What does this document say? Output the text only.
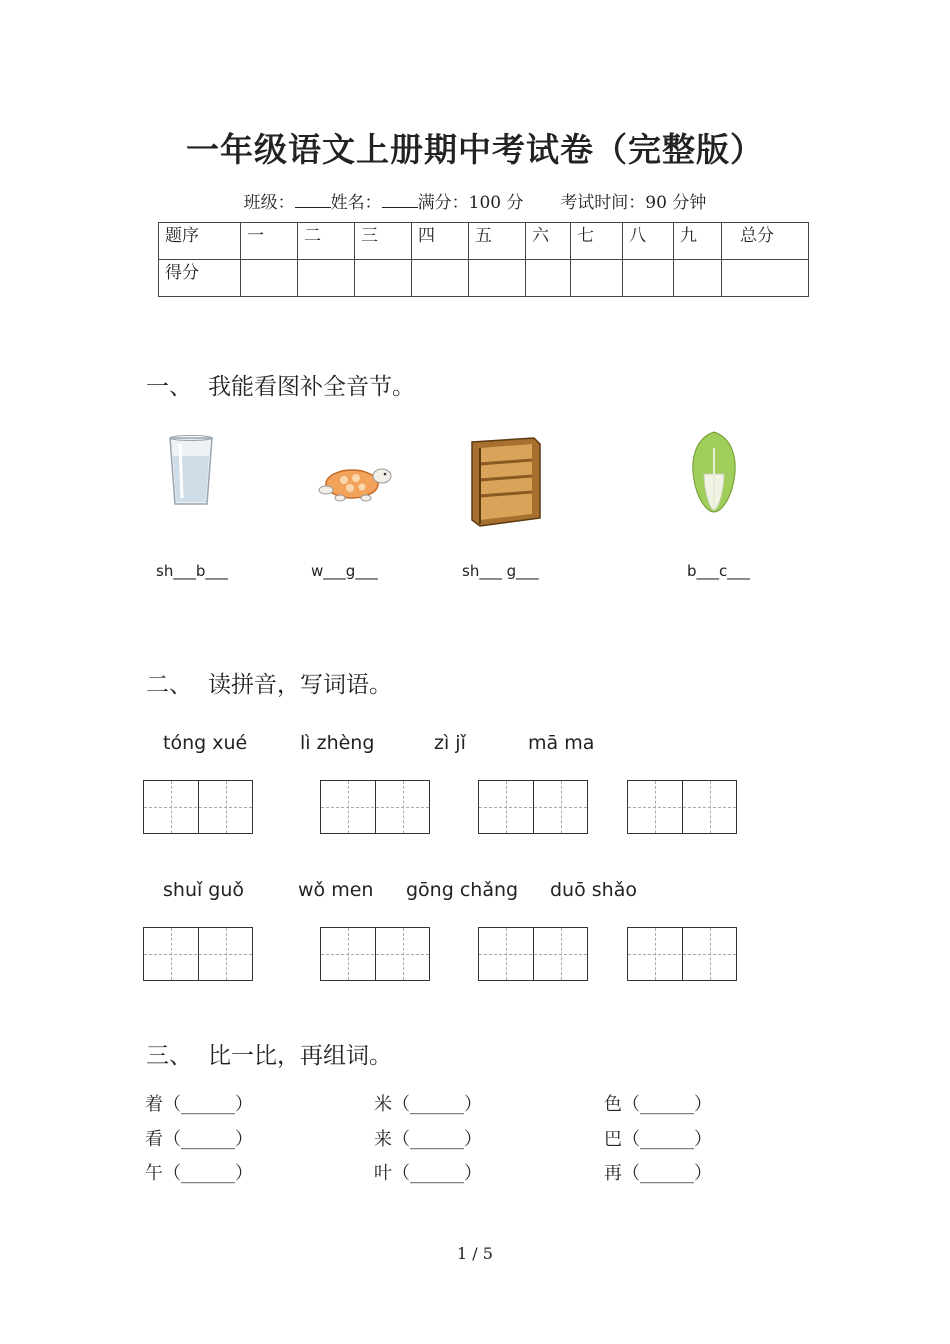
一年级语文上册期中考试卷（完整版）
班级： 姓名： 满分：100 分 考试时间：90 分钟
题序	一	二	三	四	五	六	七	八	九	总分
得分										
一、 我能看图补全音节。
sh___b___	w___g___	sh___ g___	b___c___
二、 读拼音，写词语。
tóng xué	lì zhèng	zì jǐ	mā ma
shuǐ guǒ	wǒ men gōng chǎng duō shǎo
三、 比一比，再组词。
着（______）	米（______）	色（______）
看（______）	来（______）	巴（______）
午（______）	叶（______）	再（______）
1 / 5
